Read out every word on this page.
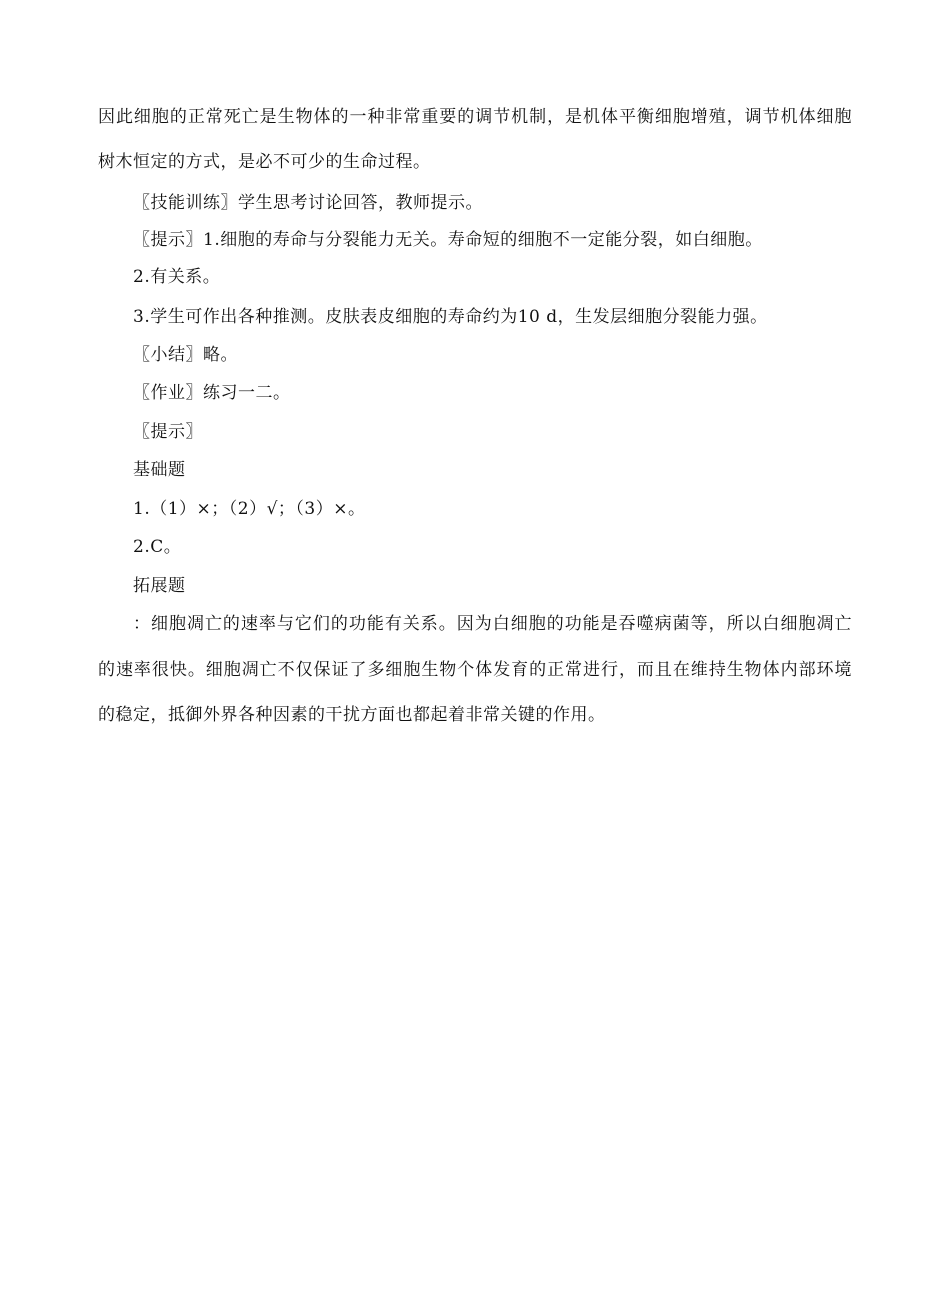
因此细胞的正常死亡是生物体的一种非常重要的调节机制，是机体平衡细胞增殖，调节机体细胞
树木恒定的方式，是必不可少的生命过程。
〖技能训练〗学生思考讨论回答，教师提示。
〖提示〗1.细胞的寿命与分裂能力无关。寿命短的细胞不一定能分裂，如白细胞。
2.有关系。
3.学生可作出各种推测。皮肤表皮细胞的寿命约为10 d，生发层细胞分裂能力强。
〖小结〗略。
〖作业〗练习一二。
〖提示〗
基础题
1.（1）×；（2）√；（3）×。
2.C。
拓展题
：细胞凋亡的速率与它们的功能有关系。因为白细胞的功能是吞噬病菌等，所以白细胞凋亡
的速率很快。细胞凋亡不仅保证了多细胞生物个体发育的正常进行，而且在维持生物体内部环境
的稳定，抵御外界各种因素的干扰方面也都起着非常关键的作用。
